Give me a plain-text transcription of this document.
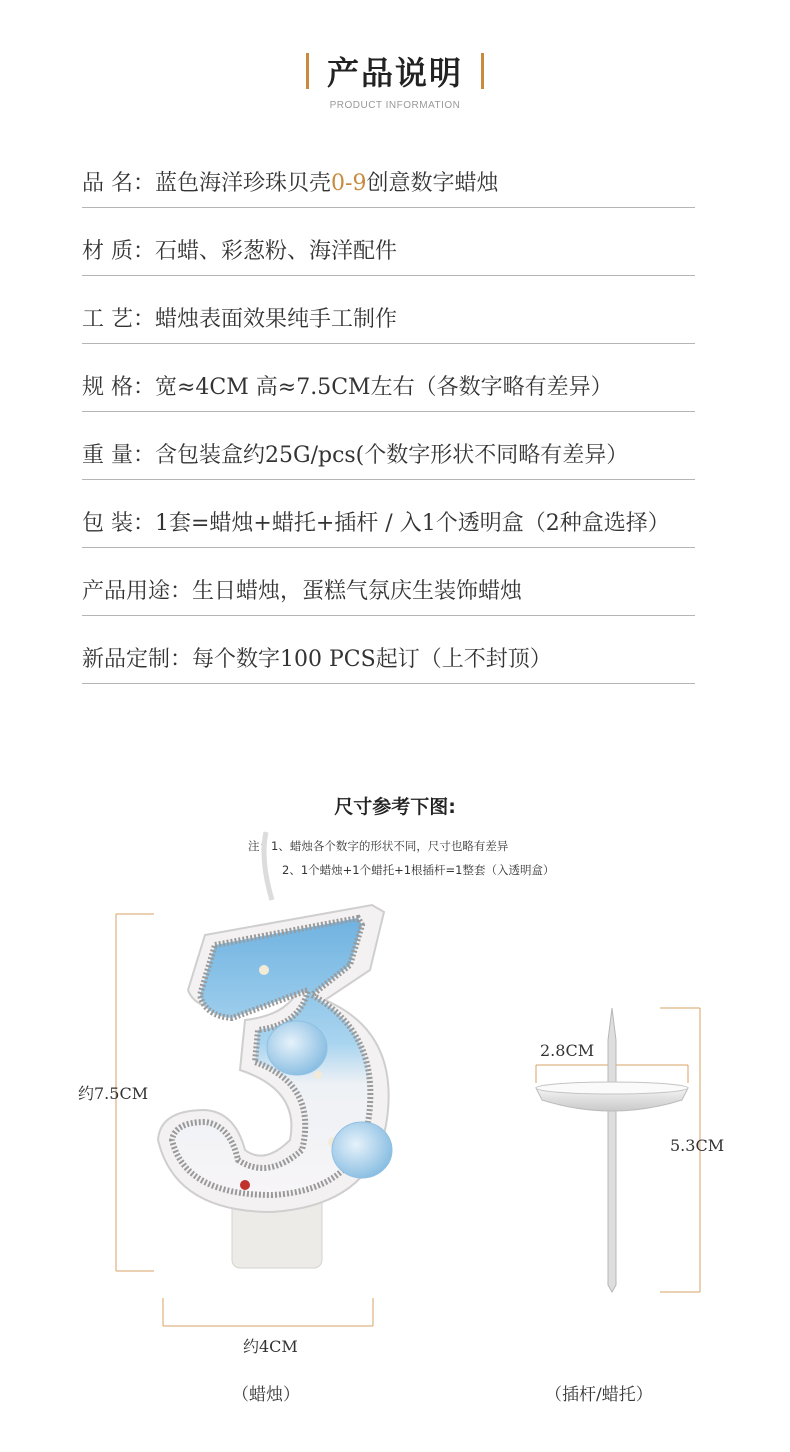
产品说明
PRODUCT INFORMATION
品 名：蓝色海洋珍珠贝壳0-9创意数字蜡烛
材 质：石蜡、彩葱粉、海洋配件
工 艺：蜡烛表面效果纯手工制作
规 格：宽≈4CM 高≈7.5CM左右（各数字略有差异）
重 量：含包装盒约25G/pcs(个数字形状不同略有差异）
包 装：1套=蜡烛+蜡托+插杆 / 入1个透明盒（2种盒选择）
产品用途：生日蜡烛，蛋糕气氛庆生装饰蜡烛
新品定制：每个数字100 PCS起订（上不封顶）
尺寸参考下图:
注：1、蜡烛各个数字的形状不同，尺寸也略有差异
2、1个蜡烛+1个蜡托+1根插杆=1整套（入透明盒）
约7.5CM
约4CM
2.8CM
5.3CM
（蜡烛）	（插杆/蜡托）
